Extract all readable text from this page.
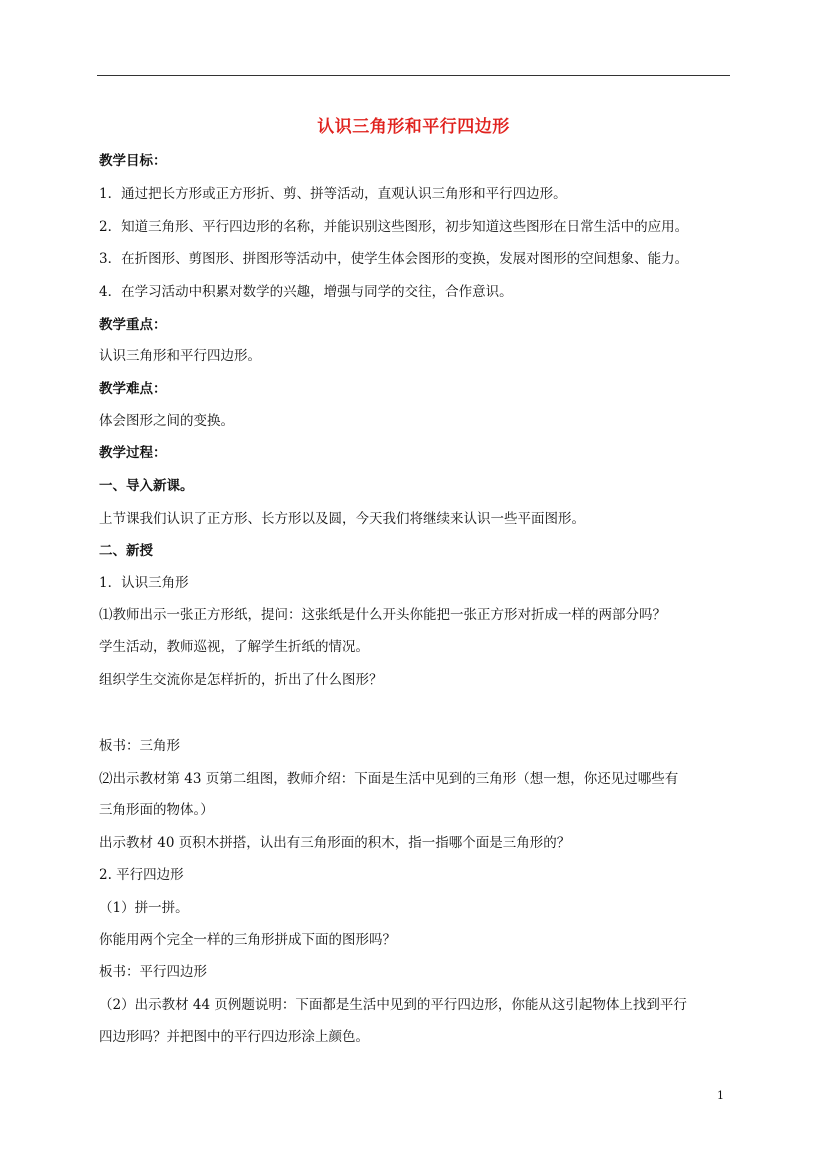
认识三角形和平行四边形
教学目标：
1．通过把长方形或正方形折、剪、拼等活动，直观认识三角形和平行四边形。
2．知道三角形、平行四边形的名称，并能识别这些图形，初步知道这些图形在日常生活中的应用。
3．在折图形、剪图形、拼图形等活动中，使学生体会图形的变换，发展对图形的空间想象、能力。
4．在学习活动中积累对数学的兴趣，增强与同学的交往，合作意识。
教学重点：
认识三角形和平行四边形。
教学难点：
体会图形之间的变换。
教学过程：
一、导入新课。
上节课我们认识了正方形、长方形以及圆，今天我们将继续来认识一些平面图形。
二、新授
1．认识三角形
⑴教师出示一张正方形纸，提问：这张纸是什么开头你能把一张正方形对折成一样的两部分吗？
学生活动，教师巡视，了解学生折纸的情况。
组织学生交流你是怎样折的，折出了什么图形？
板书：三角形
⑵出示教材第 43 页第二组图，教师介绍：下面是生活中见到的三角形（想一想，你还见过哪些有
三角形面的物体。）
出示教材 40 页积木拼搭，认出有三角形面的积木，指一指哪个面是三角形的？
2. 平行四边形
（1）拼一拼。
你能用两个完全一样的三角形拼成下面的图形吗？
板书：平行四边形
（2）出示教材 44 页例题说明：下面都是生活中见到的平行四边形，你能从这引起物体上找到平行
四边形吗？并把图中的平行四边形涂上颜色。
1
